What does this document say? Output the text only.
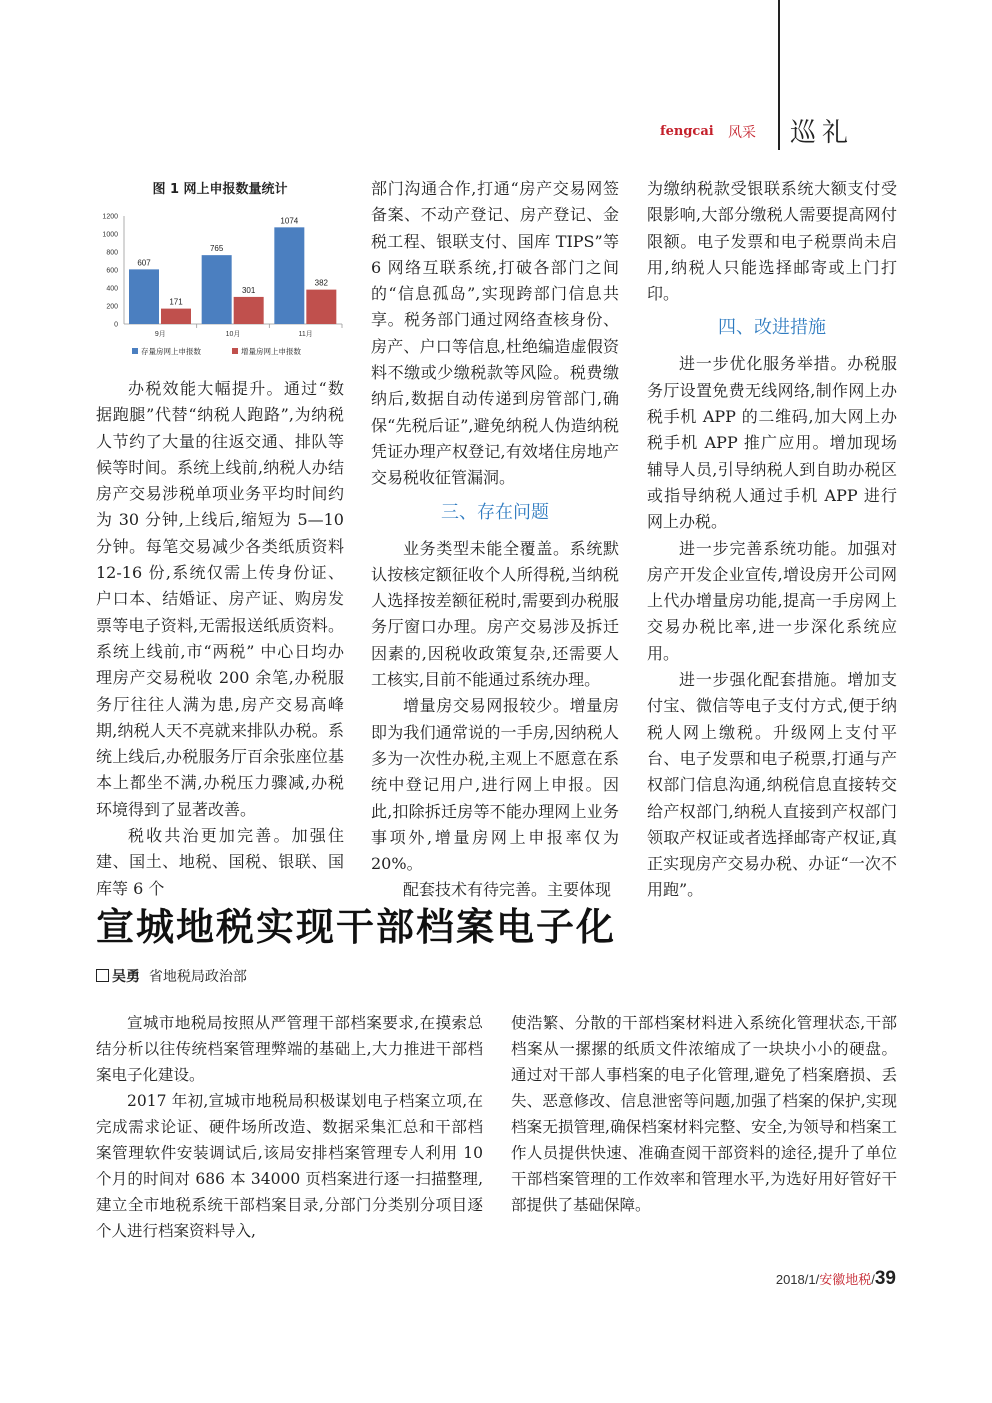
fengcai 风采 巡礼
图 1 网上申报数量统计
0
200
400
600
800
1000
1200
9月
607
171
10月
765
301
11月
1074
382
存量房网上申报数	增量房网上申报数

办税效能大幅提升。通过“数据跑腿”代替“纳税人跑路”,为纳税人节约了大量的往返交通、排队等候等时间。系统上线前,纳税人办结房产交易涉税单项业务平均时间约为 30 分钟,上线后,缩短为 5—10 分钟。每笔交易减少各类纸质资料 12-16 份,系统仅需上传身份证、户口本、结婚证、房产证、购房发票等电子资料,无需报送纸质资料。系统上线前,市“两税” 中心日均办理房产交易税收 200 余笔,办税服务厅往往人满为患,房产交易高峰期,纳税人天不亮就来排队办税。系统上线后,办税服务厅百余张座位基本上都坐不满,办税压力骤减,办税环境得到了显著改善。

税收共治更加完善。加强住建、国土、地税、国税、银联、国库等 6 个

部门沟通合作,打通“房产交易网签备案、不动产登记、房产登记、金税工程、银联支付、国库 TIPS”等 6 网络互联系统,打破各部门之间的“信息孤岛”,实现跨部门信息共享。税务部门通过网络查核身份、房产、户口等信息,杜绝编造虚假资料不缴或少缴税款等风险。税费缴纳后,数据自动传递到房管部门,确保“先税后证”,避免纳税人伪造纳税凭证办理产权登记,有效堵住房地产交易税收征管漏洞。

三、存在问题

业务类型未能全覆盖。系统默认按核定额征收个人所得税,当纳税人选择按差额征税时,需要到办税服务厅窗口办理。房产交易涉及拆迁因素的,因税收政策复杂,还需要人工核实,目前不能通过系统办理。

增量房交易网报较少。增量房即为我们通常说的一手房,因纳税人多为一次性办税,主观上不愿意在系统中登记用户,进行网上申报。因此,扣除拆迁房等不能办理网上业务事项外,增量房网上申报率仅为 20%。

配套技术有待完善。主要体现

为缴纳税款受银联系统大额支付受限影响,大部分缴税人需要提高网付限额。电子发票和电子税票尚未启用,纳税人只能选择邮寄或上门打印。

四、改进措施

进一步优化服务举措。办税服务厅设置免费无线网络,制作网上办税手机 APP 的二维码,加大网上办税手机 APP 推广应用。增加现场辅导人员,引导纳税人到自助办税区或指导纳税人通过手机 APP 进行网上办税。

进一步完善系统功能。加强对房产开发企业宣传,增设房开公司网上代办增量房功能,提高一手房网上交易办税比率,进一步深化系统应用。

进一步强化配套措施。增加支付宝、微信等电子支付方式,便于纳税人网上缴税。升级网上支付平台、电子发票和电子税票,打通与产权部门信息沟通,纳税信息直接转交给产权部门,纳税人直接到产权部门领取产权证或者选择邮寄产权证,真正实现房产交易办税、办证“一次不用跑”。

宣城地税实现干部档案电子化
吴勇 省地税局政治部

宣城市地税局按照从严管理干部档案要求,在摸索总结分析以往传统档案管理弊端的基础上,大力推进干部档案电子化建设。

2017 年初,宣城市地税局积极谋划电子档案立项,在完成需求论证、硬件场所改造、数据采集汇总和干部档案管理软件安装调试后,该局安排档案管理专人利用 10 个月的时间对 686 本 34000 页档案进行逐一扫描整理,建立全市地税系统干部档案目录,分部门分类别分项目逐个人进行档案资料导入,

使浩繁、分散的干部档案材料进入系统化管理状态,干部档案从一摞摞的纸质文件浓缩成了一块块小小的硬盘。通过对干部人事档案的电子化管理,避免了档案磨损、丢失、恶意修改、信息泄密等问题,加强了档案的保护,实现档案无损管理,确保档案材料完整、安全,为领导和档案工作人员提供快速、准确查阅干部资料的途径,提升了单位干部档案管理的工作效率和管理水平,为选好用好管好干部提供了基础保障。

2018/1/安徽地税/39
